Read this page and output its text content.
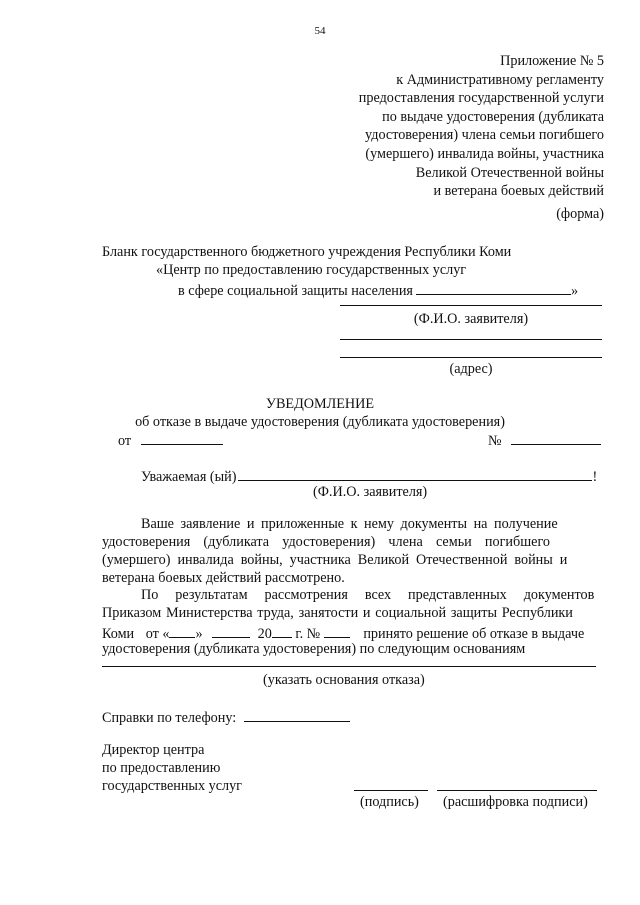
54
Приложение № 5
к Административному регламенту
предоставления государственной услуги
по выдаче удостоверения (дубликата
удостоверения) члена семьи погибшего
(умершего) инвалида войны, участника
Великой Отечественной войны
и ветерана боевых действий
(форма)
Бланк государственного бюджетного учреждения Республики Коми
«Центр по предоставлению государственных услуг
в сфере социальной защиты населения	»
(Ф.И.О. заявителя)
(адрес)
УВЕДОМЛЕНИЕ
об отказе в выдаче удостоверения (дубликата удостоверения)
от	№
Уважаемая (ый)	!
(Ф.И.О. заявителя)
Ваше заявление и приложенные к нему документы на получение
удостоверения (дубликата удостоверения) члена семьи погибшего
(умершего) инвалида войны, участника Великой Отечественной войны и
ветерана боевых действий рассмотрено.
По результатам рассмотрения всех представленных документов
Приказом Министерства труда, занятости и социальной защиты Республики
Коми от « »	20 г. №	принято решение об отказе в выдаче
удостоверения (дубликата удостоверения) по следующим основаниям
(указать основания отказа)
Справки по телефону:
Директор центра
по предоставлению
государственных услуг
(подпись) (расшифровка подписи)
